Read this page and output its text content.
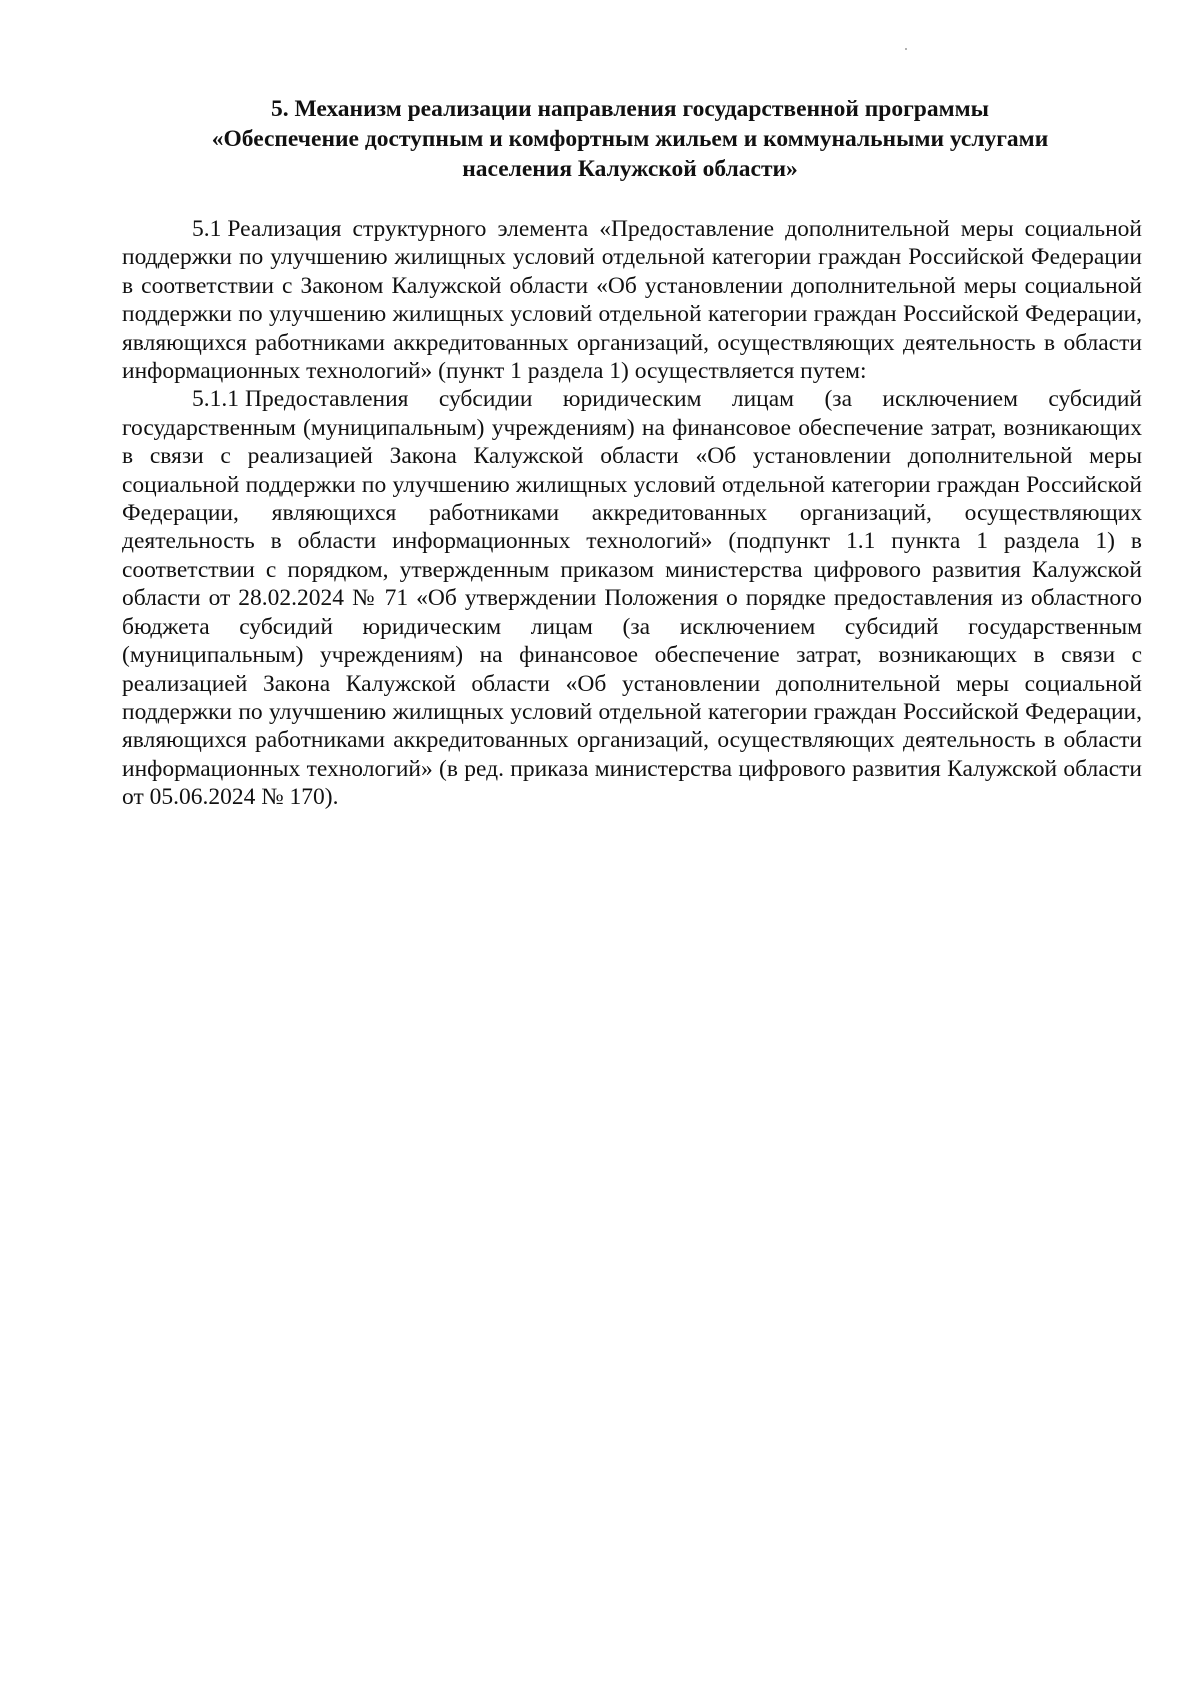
5. Механизм реализации направления государственной программы
«Обеспечение доступным и комфортным жильем и коммунальными услугами
населения Калужской области»

5.1 Реализация структурного элемента «Предоставление дополнительной меры социальной поддержки по улучшению жилищных условий отдельной категории граждан Российской Федерации в соответствии с Законом Калужской области «Об установлении дополнительной меры социальной поддержки по улучшению жилищных условий отдельной категории граждан Российской Федерации, являющихся работниками аккредитованных организаций, осуществляющих деятельность в области информационных технологий» (пункт 1 раздела 1) осуществляется путем:

5.1.1 Предоставления субсидии юридическим лицам (за исключением субсидий государственным (муниципальным) учреждениям) на финансовое обеспечение затрат, возникающих в связи с реализацией Закона Калужской области «Об установлении дополнительной меры социальной поддержки по улучшению жилищных условий отдельной категории граждан Российской Федерации, являющихся работниками аккредитованных организаций, осуществляющих деятельность в области информационных технологий» (подпункт 1.1 пункта 1 раздела 1) в соответствии с порядком, утвержденным приказом министерства цифрового развития Калужской области от 28.02.2024 № 71 «Об утверждении Положения о порядке предоставления из областного бюджета субсидий юридическим лицам (за исключением субсидий государственным (муниципальным) учреждениям) на финансовое обеспечение затрат, возникающих в связи с реализацией Закона Калужской области «Об установлении дополнительной меры социальной поддержки по улучшению жилищных условий отдельной категории граждан Российской Федерации, являющихся работниками аккредитованных организаций, осуществляющих деятельность в области информационных технологий» (в ред. приказа министерства цифрового развития Калужской области от 05.06.2024 № 170).
